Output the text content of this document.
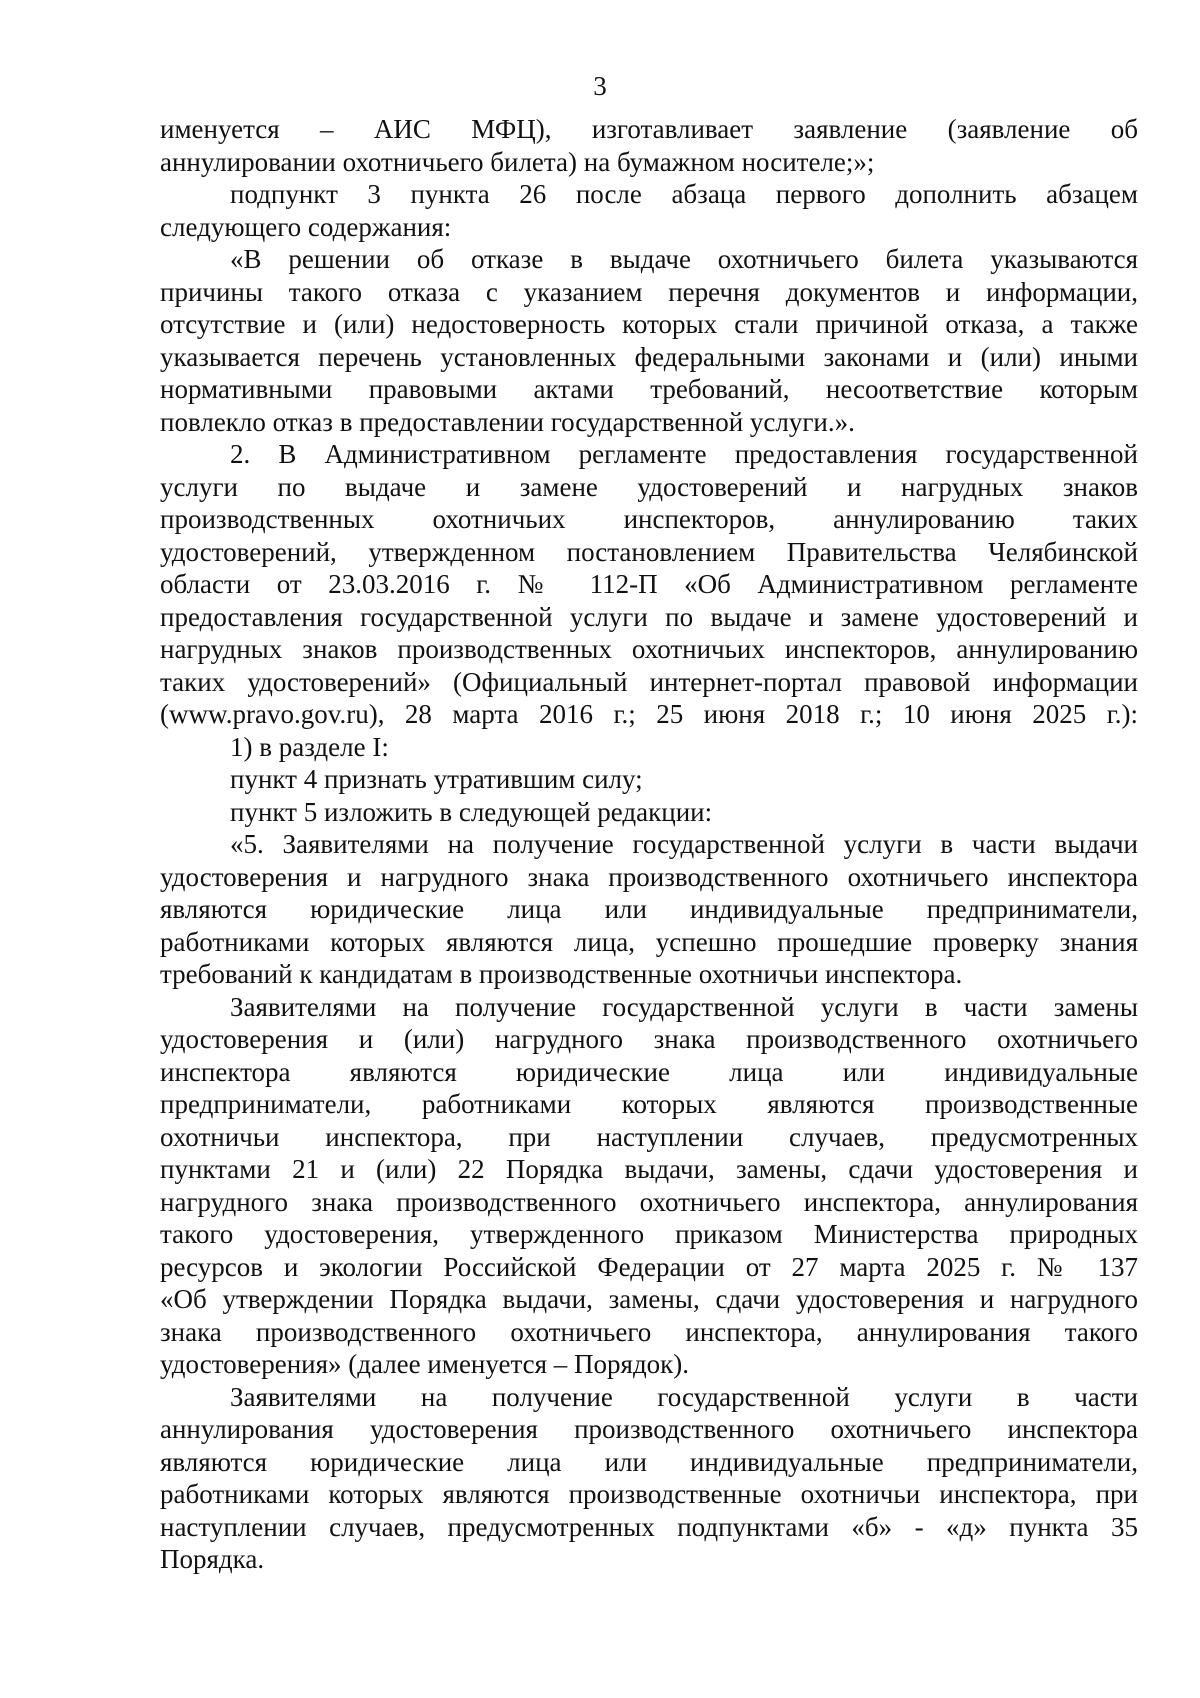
3
именуется – АИС МФЦ), изготавливает заявление (заявление об
аннулировании охотничьего билета) на бумажном носителе;»;
подпункт 3 пункта 26 после абзаца первого дополнить абзацем
следующего содержания:
«В решении об отказе в выдаче охотничьего билета указываются
причины такого отказа с указанием перечня документов и информации,
отсутствие и (или) недостоверность которых стали причиной отказа, а также
указывается перечень установленных федеральными законами и (или) иными
нормативными правовыми актами требований, несоответствие которым
повлекло отказ в предоставлении государственной услуги.».
2. В Административном регламенте предоставления государственной
услуги по выдаче и замене удостоверений и нагрудных знаков
производственных охотничьих инспекторов, аннулированию таких
удостоверений, утвержденном постановлением Правительства Челябинской
области от 23.03.2016 г. № 112-П «Об Административном регламенте
предоставления государственной услуги по выдаче и замене удостоверений и
нагрудных знаков производственных охотничьих инспекторов, аннулированию
таких удостоверений» (Официальный интернет-портал правовой информации
(www.pravo.gov.ru), 28 марта 2016 г.; 25 июня 2018 г.; 10 июня 2025 г.):
1) в разделе I:
пункт 4 признать утратившим силу;
пункт 5 изложить в следующей редакции:
«5. Заявителями на получение государственной услуги в части выдачи
удостоверения и нагрудного знака производственного охотничьего инспектора
являются юридические лица или индивидуальные предприниматели,
работниками которых являются лица, успешно прошедшие проверку знания
требований к кандидатам в производственные охотничьи инспектора.
Заявителями на получение государственной услуги в части замены
удостоверения и (или) нагрудного знака производственного охотничьего
инспектора являются юридические лица или индивидуальные
предприниматели, работниками которых являются производственные
охотничьи инспектора, при наступлении случаев, предусмотренных
пунктами 21 и (или) 22 Порядка выдачи, замены, сдачи удостоверения и
нагрудного знака производственного охотничьего инспектора, аннулирования
такого удостоверения, утвержденного приказом Министерства природных
ресурсов и экологии Российской Федерации от 27 марта 2025 г. № 137
«Об утверждении Порядка выдачи, замены, сдачи удостоверения и нагрудного
знака производственного охотничьего инспектора, аннулирования такого
удостоверения» (далее именуется – Порядок).
Заявителями на получение государственной услуги в части
аннулирования удостоверения производственного охотничьего инспектора
являются юридические лица или индивидуальные предприниматели,
работниками которых являются производственные охотничьи инспектора, при
наступлении случаев, предусмотренных подпунктами «б» - «д» пункта 35
Порядка.
